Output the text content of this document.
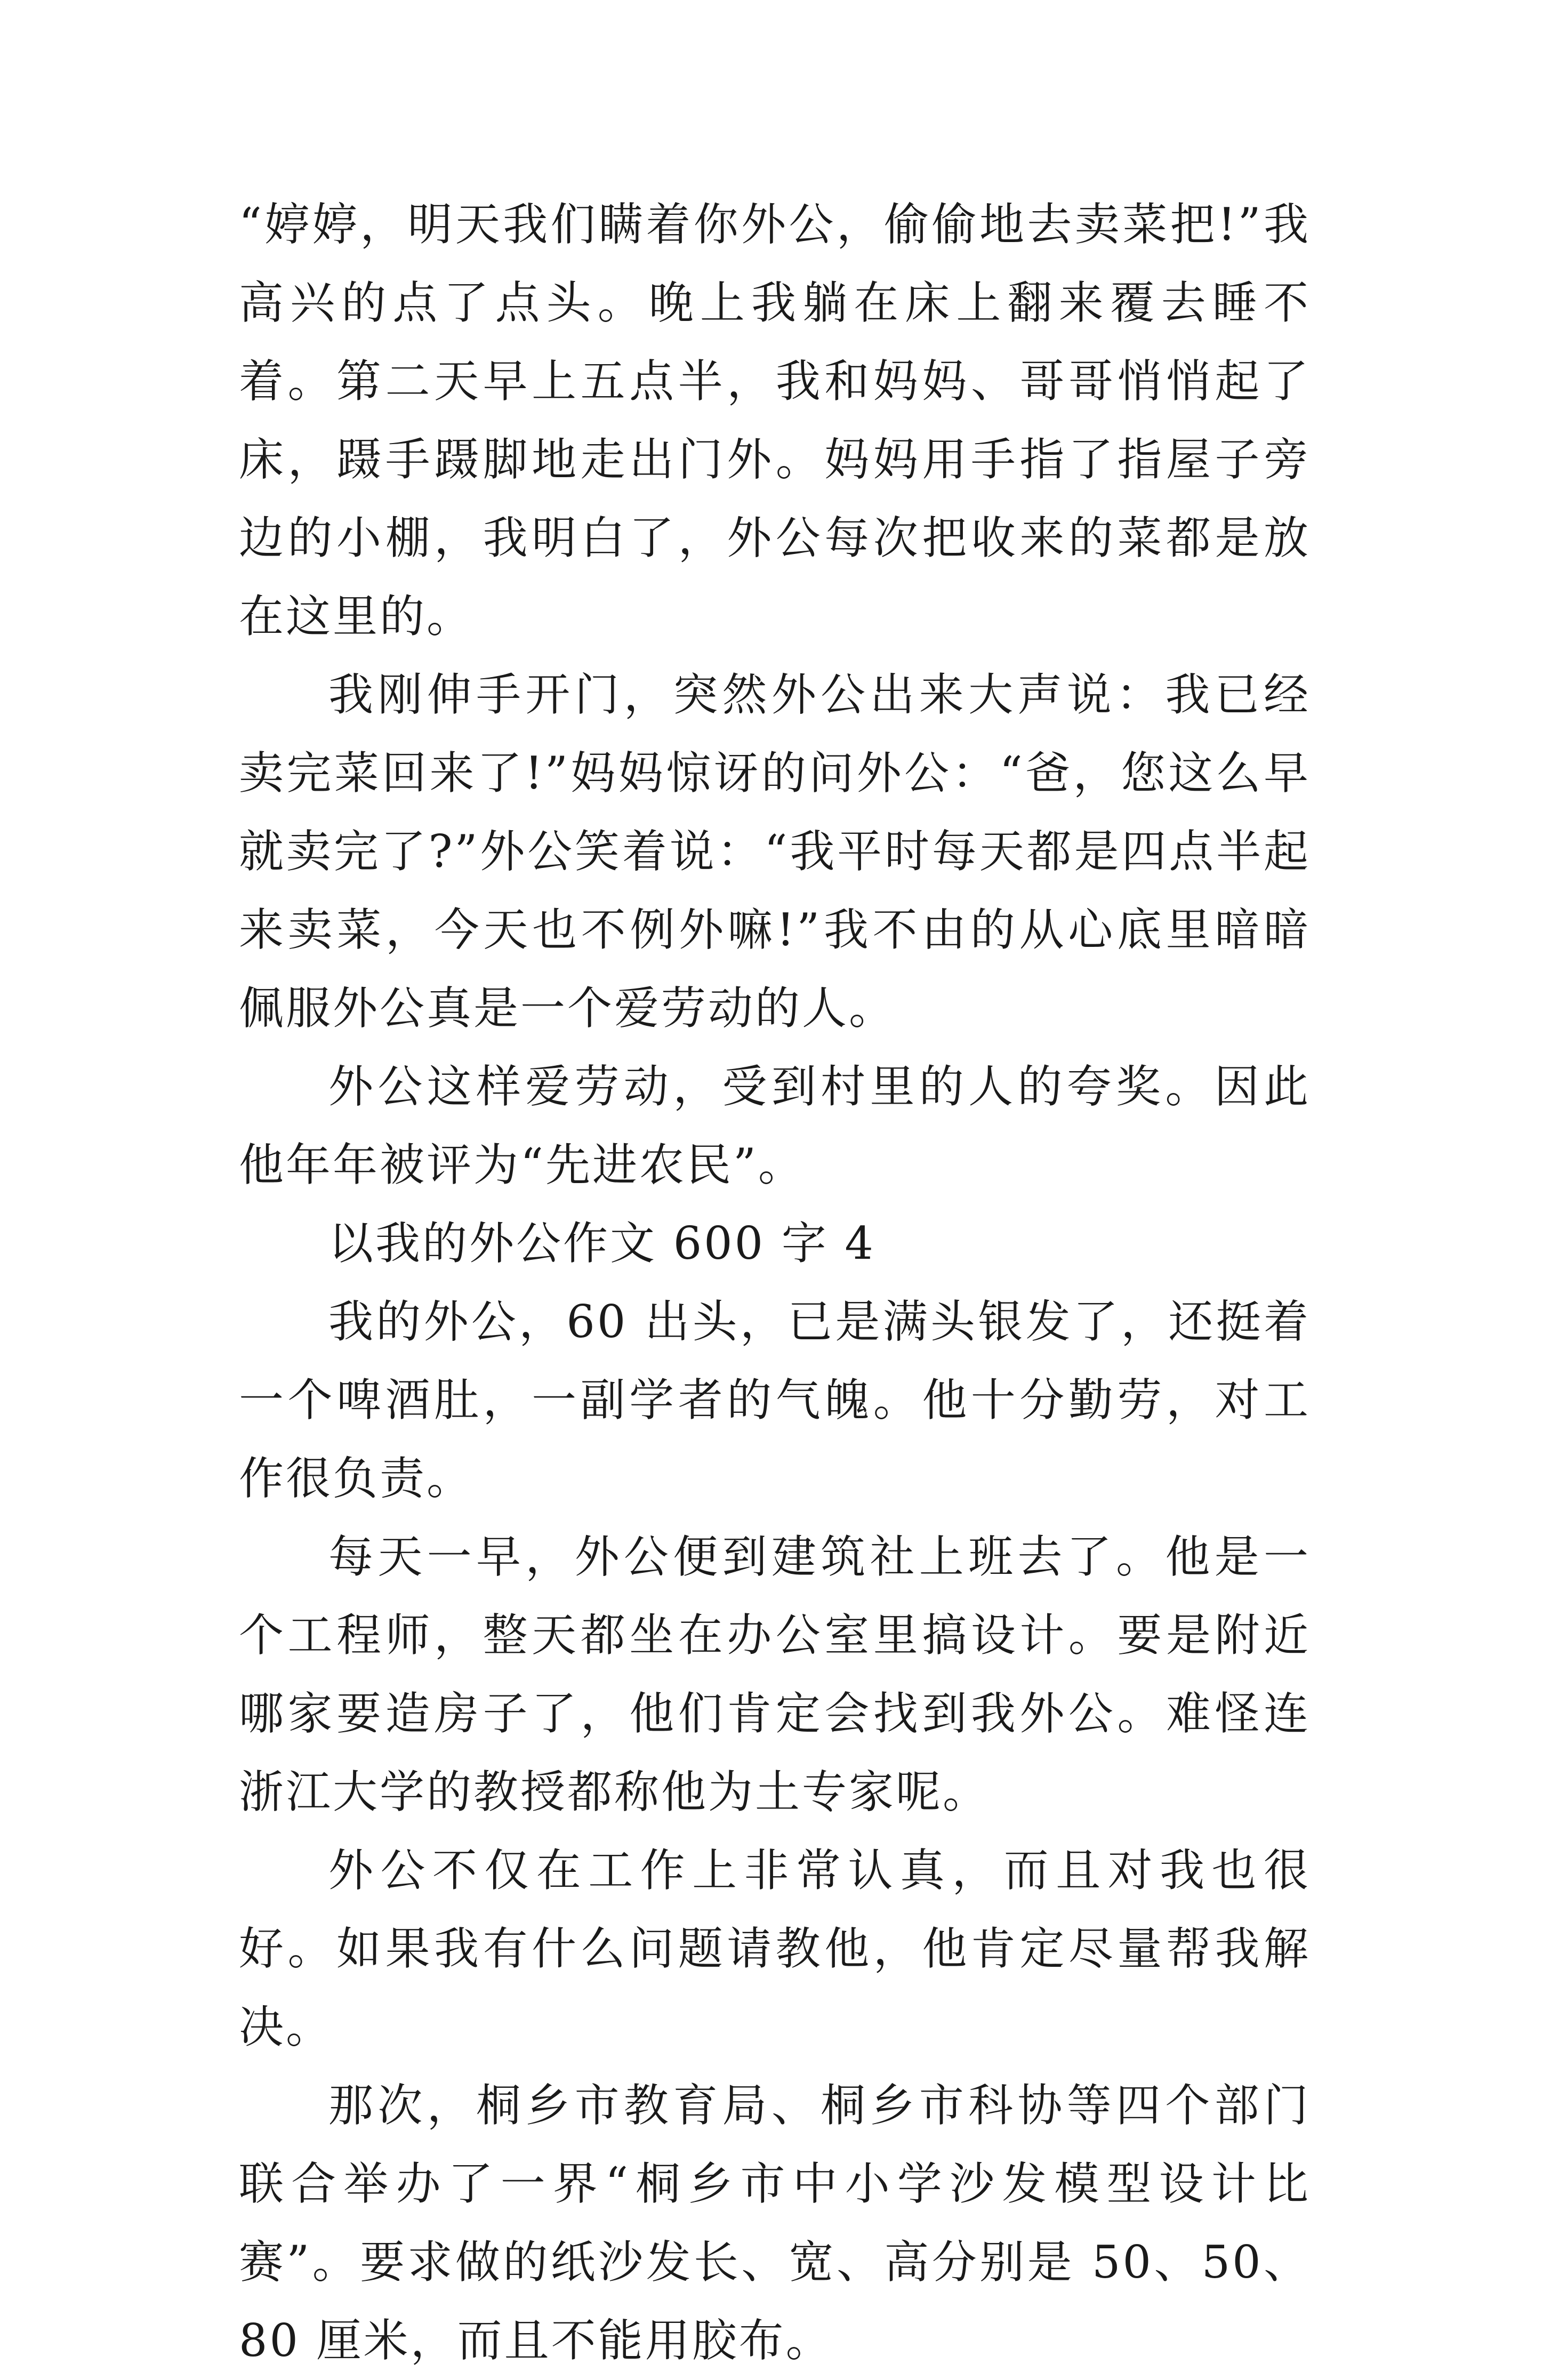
“婷婷，明天我们瞒着你外公，偷偷地去卖菜把!”我高兴的点了点头。晚上我躺在床上翻来覆去睡不着。第二天早上五点半，我和妈妈、哥哥悄悄起了床，蹑手蹑脚地走出门外。妈妈用手指了指屋子旁边的小棚，我明白了，外公每次把收来的菜都是放在这里的。

我刚伸手开门，突然外公出来大声说：我已经卖完菜回来了!”妈妈惊讶的问外公：“爸，您这么早就卖完了?”外公笑着说：“我平时每天都是四点半起来卖菜，今天也不例外嘛!”我不由的从心底里暗暗佩服外公真是一个爱劳动的人。

外公这样爱劳动，受到村里的人的夸奖。因此他年年被评为“先进农民”。

以我的外公作文 600 字 4

我的外公，60 出头，已是满头银发了，还挺着一个啤酒肚，一副学者的气魄。他十分勤劳，对工作很负责。

每天一早，外公便到建筑社上班去了。他是一个工程师，整天都坐在办公室里搞设计。要是附近哪家要造房子了，他们肯定会找到我外公。难怪连浙江大学的教授都称他为土专家呢。

外公不仅在工作上非常认真，而且对我也很好。如果我有什么问题请教他，他肯定尽量帮我解决。

那次，桐乡市教育局、桐乡市科协等四个部门联合举办了一界“桐乡市中小学沙发模型设计比赛”。要求做的纸沙发长、宽、高分别是 50、50、80 厘米，而且不能用胶布。
